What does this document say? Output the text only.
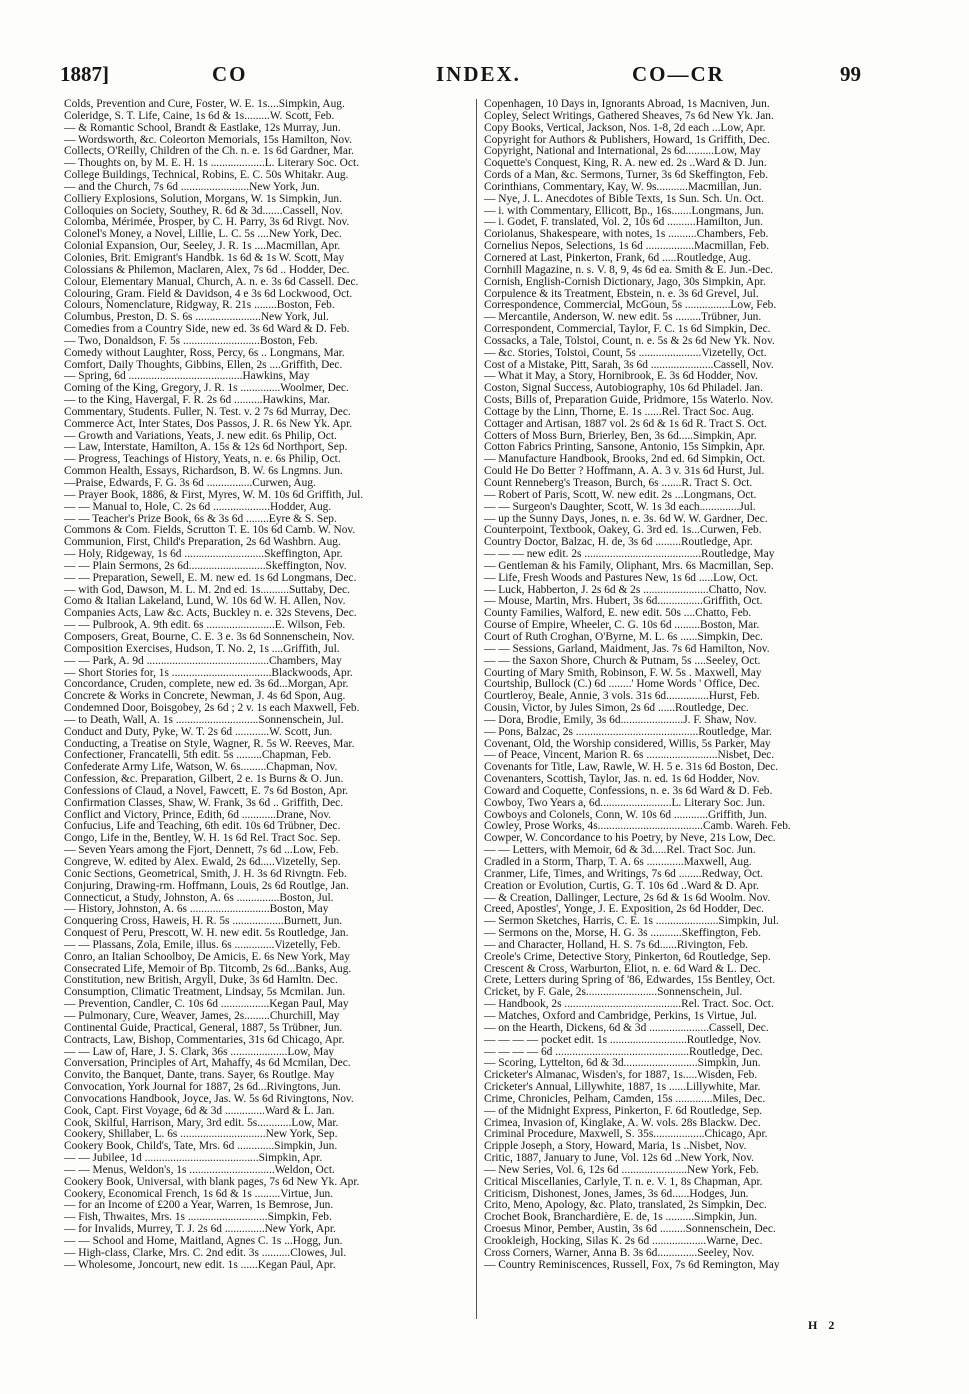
1887]	CO	INDEX.	CO—CR	99
Colds, Prevention and Cure, Foster, W. E. 1s....Simpkin, Aug.
Coleridge, S. T. Life, Caine, 1s 6d & 1s.........W. Scott, Feb.
— & Romantic School, Brandt & Eastlake, 12s Murray, Jun.
— Wordsworth, &c. Coleorton Memorials, 15s Hamilton, Nov.
Collects, O'Reilly, Children of the Ch. n. e. 1s 6d Gardner, Mar.
— Thoughts on, by M. E. H. 1s ...................L. Literary Soc. Oct.
College Buildings, Technical, Robins, E. C. 50s Whitakr. Aug.
— and the Church, 7s 6d ........................New York, Jun.
Colliery Explosions, Solution, Morgans, W. 1s Simpkin, Jun.
Colloquies on Society, Southey, R. 6d & 3d.......Cassell, Nov.
Colomba, Mérimée, Prosper, by C. H. Parry, 3s 6d Rivgt. Nov.
Colonel's Money, a Novel, Lillie, L. C. 5s ....New York, Dec.
Colonial Expansion, Our, Seeley, J. R. 1s ....Macmillan, Apr.
Colonies, Brit. Emigrant's Handbk. 1s 6d & 1s W. Scott, May
Colossians & Philemon, Maclaren, Alex, 7s 6d .. Hodder, Dec.
Colour, Elementary Manual, Church, A. n. e. 3s 6d Cassell. Dec.
Colouring, Gram. Field & Davidson, 4 e 3s 6d Lockwood, Oct.
Colours, Nomenclature, Ridgway, R. 21s ........Boston, Feb.
Columbus, Preston, D. S. 6s .......................New York, Jul.
Comedies from a Country Side, new ed. 3s 6d Ward & D. Feb.
— Two, Donaldson, F. 5s ...........................Boston, Feb.
Comedy without Laughter, Ross, Percy, 6s .. Longmans, Mar.
Comfort, Daily Thoughts, Gibbins, Ellen, 2s ....Griffith, Dec.
— Spring, 6d ........................................Hawkins, May
Coming of the King, Gregory, J. R. 1s ..............Woolmer, Dec.
— to the King, Havergal, F. R. 2s 6d ..........Hawkins, Mar.
Commentary, Students. Fuller, N. Test. v. 2 7s 6d Murray, Dec.
Commerce Act, Inter States, Dos Passos, J. R. 6s New Yk. Apr.
— Growth and Variations, Yeats, J. new edit. 6s Philip, Oct.
— Law, Interstate, Hamilton, A. 15s & 12s 6d Northport, Sep.
— Progress, Teachings of History, Yeats, n. e. 6s Philip, Oct.
Common Health, Essays, Richardson, B. W. 6s Lngmns. Jun.
—Praise, Edwards, F. G. 3s 6d ................Curwen, Aug.
— Prayer Book, 1886, & First, Myres, W. M. 10s 6d Griffith, Jul.
— — Manual to, Hole, C. 2s 6d ....................Hodder, Aug.
— — Teacher's Prize Book, 6s & 3s 6d ........Eyre & S. Sep.
Commons & Com. Fields, Scrutton T. E. 10s 6d Camb. W. Nov.
Communion, First, Child's Preparation, 2s 6d Washbrn. Aug.
— Holy, Ridgeway, 1s 6d ............................Skeffington, Apr.
— — Plain Sermons, 2s 6d...........................Skeffington, Nov.
— — Preparation, Sewell, E. M. new ed. 1s 6d Longmans, Dec.
— with God, Dawson, M. L. M. 2nd ed. 1s..........Suttaby, Dec.
Como & Italian Lakeland, Lund, W. 10s 6d W. H. Allen, Nov.
Companies Acts, Law &c. Acts, Buckley n. e. 32s Stevens, Dec.
— — Pulbrook, A. 9th edit. 6s ........................E. Wilson, Feb.
Composers, Great, Bourne, C. E. 3 e. 3s 6d Sonnenschein, Nov.
Composition Exercises, Hudson, T. No. 2, 1s ....Griffith, Jul.
— — Park, A. 9d ...........................................Chambers, May
— Short Stories for, 1s ...................................Blackwoods, Apr.
Concordance, Cruden, complete, new ed. 3s 6d...Morgan, Apr.
Concrete & Works in Concrete, Newman, J. 4s 6d Spon, Aug.
Condemned Door, Boisgobey, 2s 6d ; 2 v. 1s each Maxwell, Feb.
— to Death, Wall, A. 1s .............................Sonnenschein, Jul.
Conduct and Duty, Pyke, W. T. 2s 6d ............W. Scott, Jun.
Conducting, a Treatise on Style, Wagner, R. 5s W. Reeves, Mar.
Confectioner, Francatelli, 5th edit. 5s .........Chapman, Feb.
Confederate Army Life, Watson, W. 6s.........Chapman, Nov.
Confession, &c. Preparation, Gilbert, 2 e. 1s Burns & O. Jun.
Confessions of Claud, a Novel, Fawcett, E. 7s 6d Boston, Apr.
Confirmation Classes, Shaw, W. Frank, 3s 6d .. Griffith, Dec.
Conflict and Victory, Prince, Edith, 6d ............Drane, Nov.
Confucius, Life and Teaching, 6th edit. 10s 6d Trübner, Dec.
Congo, Life in the, Bentley, W. H. 1s 6d Rel. Tract Soc. Sep.
— Seven Years among the Fjort, Dennett, 7s 6d ...Low, Feb.
Congreve, W. edited by Alex. Ewald, 2s 6d.....Vizetelly, Sep.
Conic Sections, Geometrical, Smith, J. H. 3s 6d Rivngtn. Feb.
Conjuring, Drawing-rm. Hoffmann, Louis, 2s 6d Routlge, Jan.
Connecticut, a Study, Johnston, A. 6s ...............Boston, Jul.
— History, Johnston, A. 6s ............................Boston, May
Conquering Cross, Haweis, H. R. 5s ..................Burnett, Jun.
Conquest of Peru, Prescott, W. H. new edit. 5s Routledge, Jan.
— — Plassans, Zola, Emile, illus. 6s ..............Vizetelly, Feb.
Conro, an Italian Schoolboy, De Amicis, E. 6s New York, May
Consecrated Life, Memoir of Bp. Titcomb, 2s 6d...Banks, Aug.
Constitution, new British, Argyll, Duke, 3s 6d Hamltn. Dec.
Consumption, Climatic Treatment, Lindsay, 5s Mcmilan. Jun.
— Prevention, Candler, C. 10s 6d .................Kegan Paul, May
— Pulmonary, Cure, Weaver, James, 2s.........Churchill, May
Continental Guide, Practical, General, 1887, 5s Trübner, Jun.
Contracts, Law, Bishop, Commentaries, 31s 6d Chicago, Apr.
— — Law of, Hare, J. S. Clark, 36s ....................Low, May
Conversation, Principles of Art, Mahaffy, 4s 6d Mcmilan, Dec.
Convito, the Banquet, Dante, trans. Sayer, 6s Routlge. May
Convocation, York Journal for 1887, 2s 6d...Rivingtons, Jun.
Convocations Handbook, Joyce, Jas. W. 5s 6d Rivingtons, Nov.
Cook, Capt. First Voyage, 6d & 3d ..............Ward & L. Jan.
Cook, Skilful, Harrison, Mary, 3rd edit. 5s............Low, Mar.
Cookery, Shillaber, L. 6s ..............................New York, Sep.
Cookery Book, Child's, Tate, Mrs. 6d .............Simpkin, Jun.
— — Jubilee, 1d ........................................Simpkin, Apr.
— — Menus, Weldon's, 1s ..............................Weldon, Oct.
Cookery Book, Universal, with blank pages, 7s 6d New Yk. Apr.
Cookery, Economical French, 1s 6d & 1s .........Virtue, Jun.
— for an Income of £200 a Year, Warren, 1s Bemrose, Jun.
— Fish, Thwaites, Mrs. 1s ............................Simpkin, Feb.
— for Invalids, Murrey, T. J. 2s 6d ..............New York, Apr.
— — School and Home, Maitland, Agnes C. 1s ...Hogg, Jun.
— High-class, Clarke, Mrs. C. 2nd edit. 3s ..........Clowes, Jul.
— Wholesome, Joncourt, new edit. 1s ......Kegan Paul, Apr.
Copenhagen, 10 Days in, Ignorants Abroad, 1s Macniven, Jun.
Copley, Select Writings, Gathered Sheaves, 7s 6d New Yk. Jan.
Copy Books, Vertical, Jackson, Nos. 1-8, 2d each ...Low, Apr.
Copyright for Authors & Publishers, Howard, 1s Griffith, Dec.
Copyright, National and International, 2s 6d..........Low, May
Coquette's Conquest, King, R. A. new ed. 2s ..Ward & D. Jun.
Cords of a Man, &c. Sermons, Turner, 3s 6d Skeffington, Feb.
Corinthians, Commentary, Kay, W. 9s...........Macmillan, Jun.
— Nye, J. L. Anecdotes of Bible Texts, 1s Sun. Sch. Un. Oct.
— i. with Commentary, Ellicott, Bp., 16s.......Longmans, Jun.
— i. Godet, F. translated, Vol. 2, 10s 6d ..........Hamilton, Jun.
Coriolanus, Shakespeare, with notes, 1s ..........Chambers, Feb.
Cornelius Nepos, Selections, 1s 6d .................Macmillan, Feb.
Cornered at Last, Pinkerton, Frank, 6d .....Routledge, Aug.
Cornhill Magazine, n. s. V. 8, 9, 4s 6d ea. Smith & E. Jun.-Dec.
Cornish, English-Cornish Dictionary, Jago, 30s Simpkin, Apr.
Corpulence & its Treatment, Ebstein, n. e. 3s 6d Grevel, Jul.
Correspondence, Commercial, McGoun, 5s ................Low, Feb.
— Mercantile, Anderson, W. new edit. 5s .........Trübner, Jun.
Correspondent, Commercial, Taylor, F. C. 1s 6d Simpkin, Dec.
Cossacks, a Tale, Tolstoi, Count, n. e. 5s & 2s 6d New Yk. Nov.
— &c. Stories, Tolstoi, Count, 5s ......................Vizetelly, Oct.
Cost of a Mistake, Pitt, Sarah, 3s 6d ......................Cassell, Nov.
— What it May, a Story, Hornibrook, E. 3s 6d Hodder, Nov.
Coston, Signal Success, Autobiography, 10s 6d Philadel. Jan.
Costs, Bills of, Preparation Guide, Pridmore, 15s Waterlo. Nov.
Cottage by the Linn, Thorne, E. 1s ......Rel. Tract Soc. Aug.
Cottager and Artisan, 1887 vol. 2s 6d & 1s 6d R. Tract S. Oct.
Cotters of Moss Burn, Brierley, Ben, 3s 6d.....Simpkin, Apr.
Cotton Fabrics Printing, Sansone, Antonio, 15s Simpkin, Apr.
— Manufacture Handbook, Brooks, 2nd ed. 6d Simpkin, Oct.
Could He Do Better ? Hoffmann, A. A. 3 v. 31s 6d Hurst, Jul.
Count Renneberg's Treason, Burch, 6s .......R. Tract S. Oct.
— Robert of Paris, Scott, W. new edit. 2s ...Longmans, Oct.
— — Surgeon's Daughter, Scott, W. 1s 3d each..............Jul.
— up the Sunny Days, Jones, n. e. 3s. 6d W. W. Gardner, Dec.
Counterpoint, Textbook, Oakey, G. 3rd ed. 1s...Curwen, Feb.
Country Doctor, Balzac, H. de, 3s 6d .........Routledge, Apr.
— — — new edit. 2s .........................................Routledge, May
— Gentleman & his Family, Oliphant, Mrs. 6s Macmillan, Sep.
— Life, Fresh Woods and Pastures New, 1s 6d .....Low, Oct.
— Luck, Habberton, J. 2s 6d & 2s .......................Chatto, Nov.
— Mouse, Martin, Mrs. Hubert, 3s 6d................Griffith, Oct.
County Families, Walford, E. new edit. 50s ....Chatto, Feb.
Course of Empire, Wheeler, C. G. 10s 6d .........Boston, Mar.
Court of Ruth Croghan, O'Byrne, M. L. 6s ......Simpkin, Dec.
— — Sessions, Garland, Maidment, Jas. 7s 6d Hamilton, Nov.
— — the Saxon Shore, Church & Putnam, 5s ....Seeley, Oct.
Courting of Mary Smith, Robinson, F. W. 5s . Maxwell, May
Courtship, Bullock (C.) 6d ........' Home Words ' Office, Dec.
Courtleroy, Beale, Annie, 3 vols. 31s 6d...............Hurst, Feb.
Cousin, Victor, by Jules Simon, 2s 6d ......Routledge, Dec.
— Dora, Brodie, Emily, 3s 6d......................J. F. Shaw, Nov.
— Pons, Balzac, 2s ...........................................Routledge, Mar.
Covenant, Old, the Worship considered, Willis, 5s Parker, May
— of Peace, Vincent, Marion R. 6s .........................Nisbet, Dec.
Covenants for Title, Law, Rawle, W. H. 5 e. 31s 6d Boston, Dec.
Covenanters, Scottish, Taylor, Jas. n. ed. 1s 6d Hodder, Nov.
Coward and Coquette, Confessions, n. e. 3s 6d Ward & D. Feb.
Cowboy, Two Years a, 6d.........................L. Literary Soc. Jun.
Cowboys and Colonels, Conn, W. 10s 6d ............Griffith, Jun.
Cowley, Prose Works, 4s.....................................Camb. Wareh. Feb.
Cowper, W. Concordance to his Poetry, by Neve, 21s Low, Dec.
— — Letters, with Memoir, 6d & 3d.....Rel. Tract Soc. Jun.
Cradled in a Storm, Tharp, T. A. 6s .............Maxwell, Aug.
Cranmer, Life, Times, and Writings, 7s 6d ........Redway, Oct.
Creation or Evolution, Curtis, G. T. 10s 6d ..Ward & D. Apr.
— & Creation, Dallinger, Lecture, 2s 6d & 1s 6d Woolm. Nov.
Creed, Apostles', Yonge, J. E. Exposition, 2s 6d Hodder, Dec.
— Sermon Sketches, Harris, C. E. 1s ......................Simpkin, Jul.
— Sermons on the, Morse, H. G. 3s ...........Skeffington, Feb.
— and Character, Holland, H. S. 7s 6d......Rivington, Feb.
Creole's Crime, Detective Story, Pinkerton, 6d Routledge, Sep.
Crescent & Cross, Warburton, Eliot, n. e. 6d Ward & L. Dec.
Crete, Letters during Spring of '86, Edwardes, 15s Bentley, Oct.
Cricket, by F. Gale, 2s.........................Sonnenschein, Jul.
— Handbook, 2s .........................................Rel. Tract. Soc. Oct.
— Matches, Oxford and Cambridge, Perkins, 1s Virtue, Jul.
— on the Hearth, Dickens, 6d & 3d .....................Cassell, Dec.
— — — — pocket edit. 1s ...........................Routledge, Nov.
— — — — 6d ...............................................Routledge, Dec.
— Scoring, Lyttelton, 6d & 3d..........................Simpkin, Jun.
Cricketer's Almanac, Wisden's, for 1887, 1s.....Wisden, Feb.
Cricketer's Annual, Lillywhite, 1887, 1s ......Lillywhite, Mar.
Crime, Chronicles, Pelham, Camden, 15s .............Miles, Dec.
— of the Midnight Express, Pinkerton, F. 6d Routledge, Sep.
Crimea, Invasion of, Kinglake, A. W. vols. 28s Blackw. Dec.
Criminal Procedure, Maxwell, S. 35s..................Chicago, Apr.
Cripple Joseph, a Story, Howard, Maria, 1s ..Nisbet, Nov.
Critic, 1887, January to June, Vol. 12s 6d ..New York, Nov.
— New Series, Vol. 6, 12s 6d .......................New York, Feb.
Critical Miscellanies, Carlyle, T. n. e. V. 1, 8s Chapman, Apr.
Criticism, Dishonest, Jones, James, 3s 6d......Hodges, Jun.
Crito, Meno, Apology, &c. Plato, translated, 2s Simpkin, Dec.
Crochet Book, Branchardière, E. de, 1s ..........Simpkin, Jun.
Croesus Minor, Pember, Austin, 3s 6d .........Sonnenschein, Dec.
Crookleigh, Hocking, Silas K. 2s 6d ...................Warne, Dec.
Cross Corners, Warner, Anna B. 3s 6d..............Seeley, Nov.
— Country Reminiscences, Russell, Fox, 7s 6d Remington, May
H 2
